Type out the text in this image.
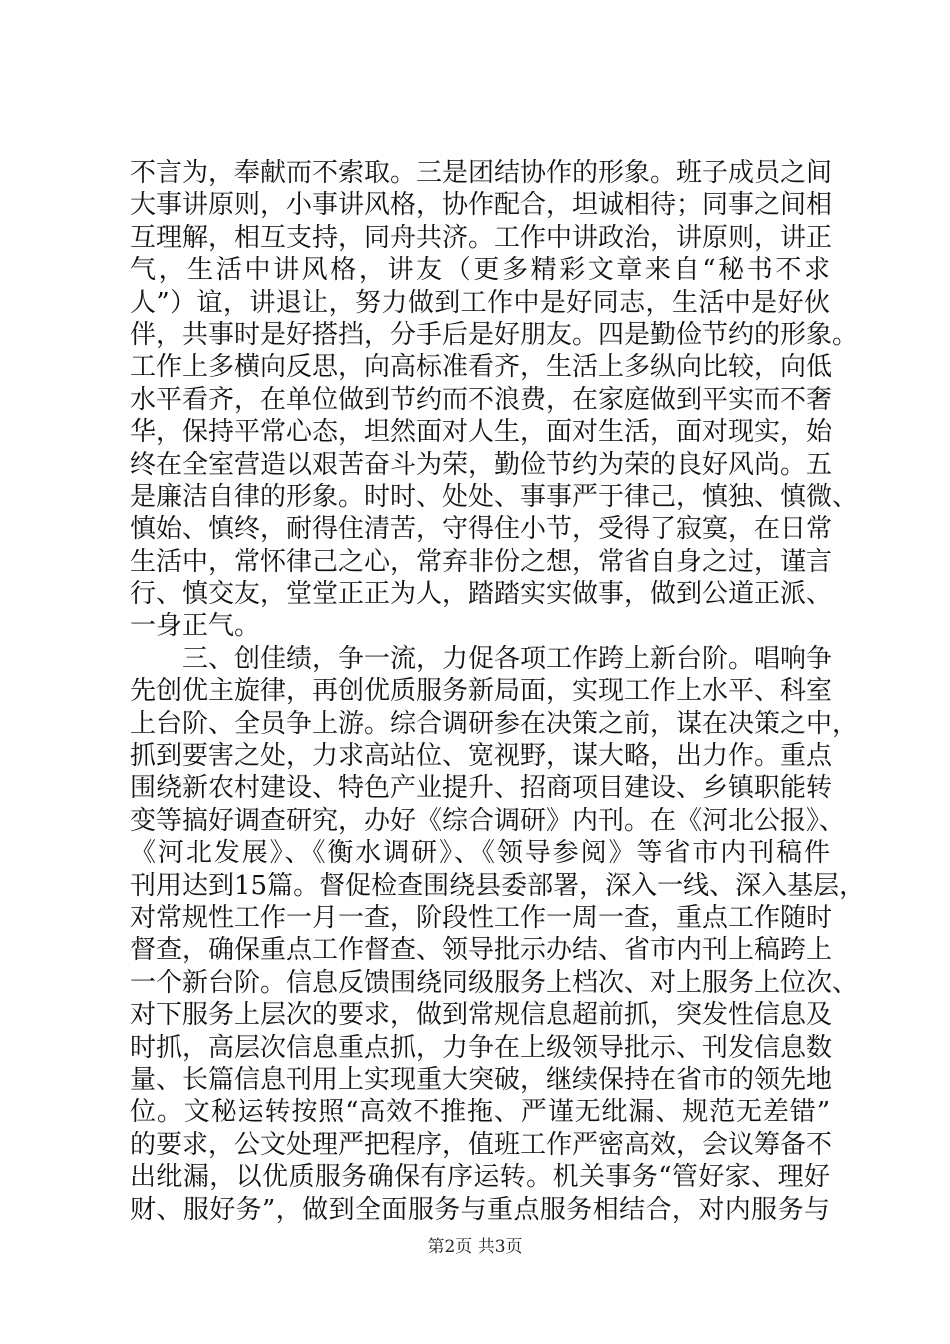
不言为，奉献而不索取。三是团结协作的形象。班子成员之间
大事讲原则，小事讲风格，协作配合，坦诚相待；同事之间相
互理解，相互支持，同舟共济。工作中讲政治，讲原则，讲正
气，生活中讲风格，讲友（更多精彩文章来自“秘书不求
人”）谊，讲退让，努力做到工作中是好同志，生活中是好伙
伴，共事时是好搭挡，分手后是好朋友。四是勤俭节约的形象。
工作上多横向反思，向高标准看齐，生活上多纵向比较，向低
水平看齐，在单位做到节约而不浪费，在家庭做到平实而不奢
华，保持平常心态，坦然面对人生，面对生活，面对现实，始
终在全室营造以艰苦奋斗为荣，勤俭节约为荣的良好风尚。五
是廉洁自律的形象。时时、处处、事事严于律己，慎独、慎微、
慎始、慎终，耐得住清苦，守得住小节，受得了寂寞，在日常
生活中，常怀律己之心，常弃非份之想，常省自身之过，谨言
行、慎交友，堂堂正正为人，踏踏实实做事，做到公道正派、
一身正气。
　　三、创佳绩，争一流，力促各项工作跨上新台阶。唱响争
先创优主旋律，再创优质服务新局面，实现工作上水平、科室
上台阶、全员争上游。综合调研参在决策之前，谋在决策之中，
抓到要害之处，力求高站位、宽视野，谋大略，出力作。重点
围绕新农村建设、特色产业提升、招商项目建设、乡镇职能转
变等搞好调查研究，办好《综合调研》内刊。在《河北公报》、
《河北发展》、《衡水调研》、《领导参阅》等省市内刊稿件
刊用达到15篇。督促检查围绕县委部署，深入一线、深入基层，
对常规性工作一月一查，阶段性工作一周一查，重点工作随时
督查，确保重点工作督查、领导批示办结、省市内刊上稿跨上
一个新台阶。信息反馈围绕同级服务上档次、对上服务上位次、
对下服务上层次的要求，做到常规信息超前抓，突发性信息及
时抓，高层次信息重点抓，力争在上级领导批示、刊发信息数
量、长篇信息刊用上实现重大突破，继续保持在省市的领先地
位。文秘运转按照“高效不推拖、严谨无纰漏、规范无差错”
的要求，公文处理严把程序，值班工作严密高效，会议筹备不
出纰漏，以优质服务确保有序运转。机关事务“管好家、理好
财、服好务”，做到全面服务与重点服务相结合，对内服务与
第2页 共3页
